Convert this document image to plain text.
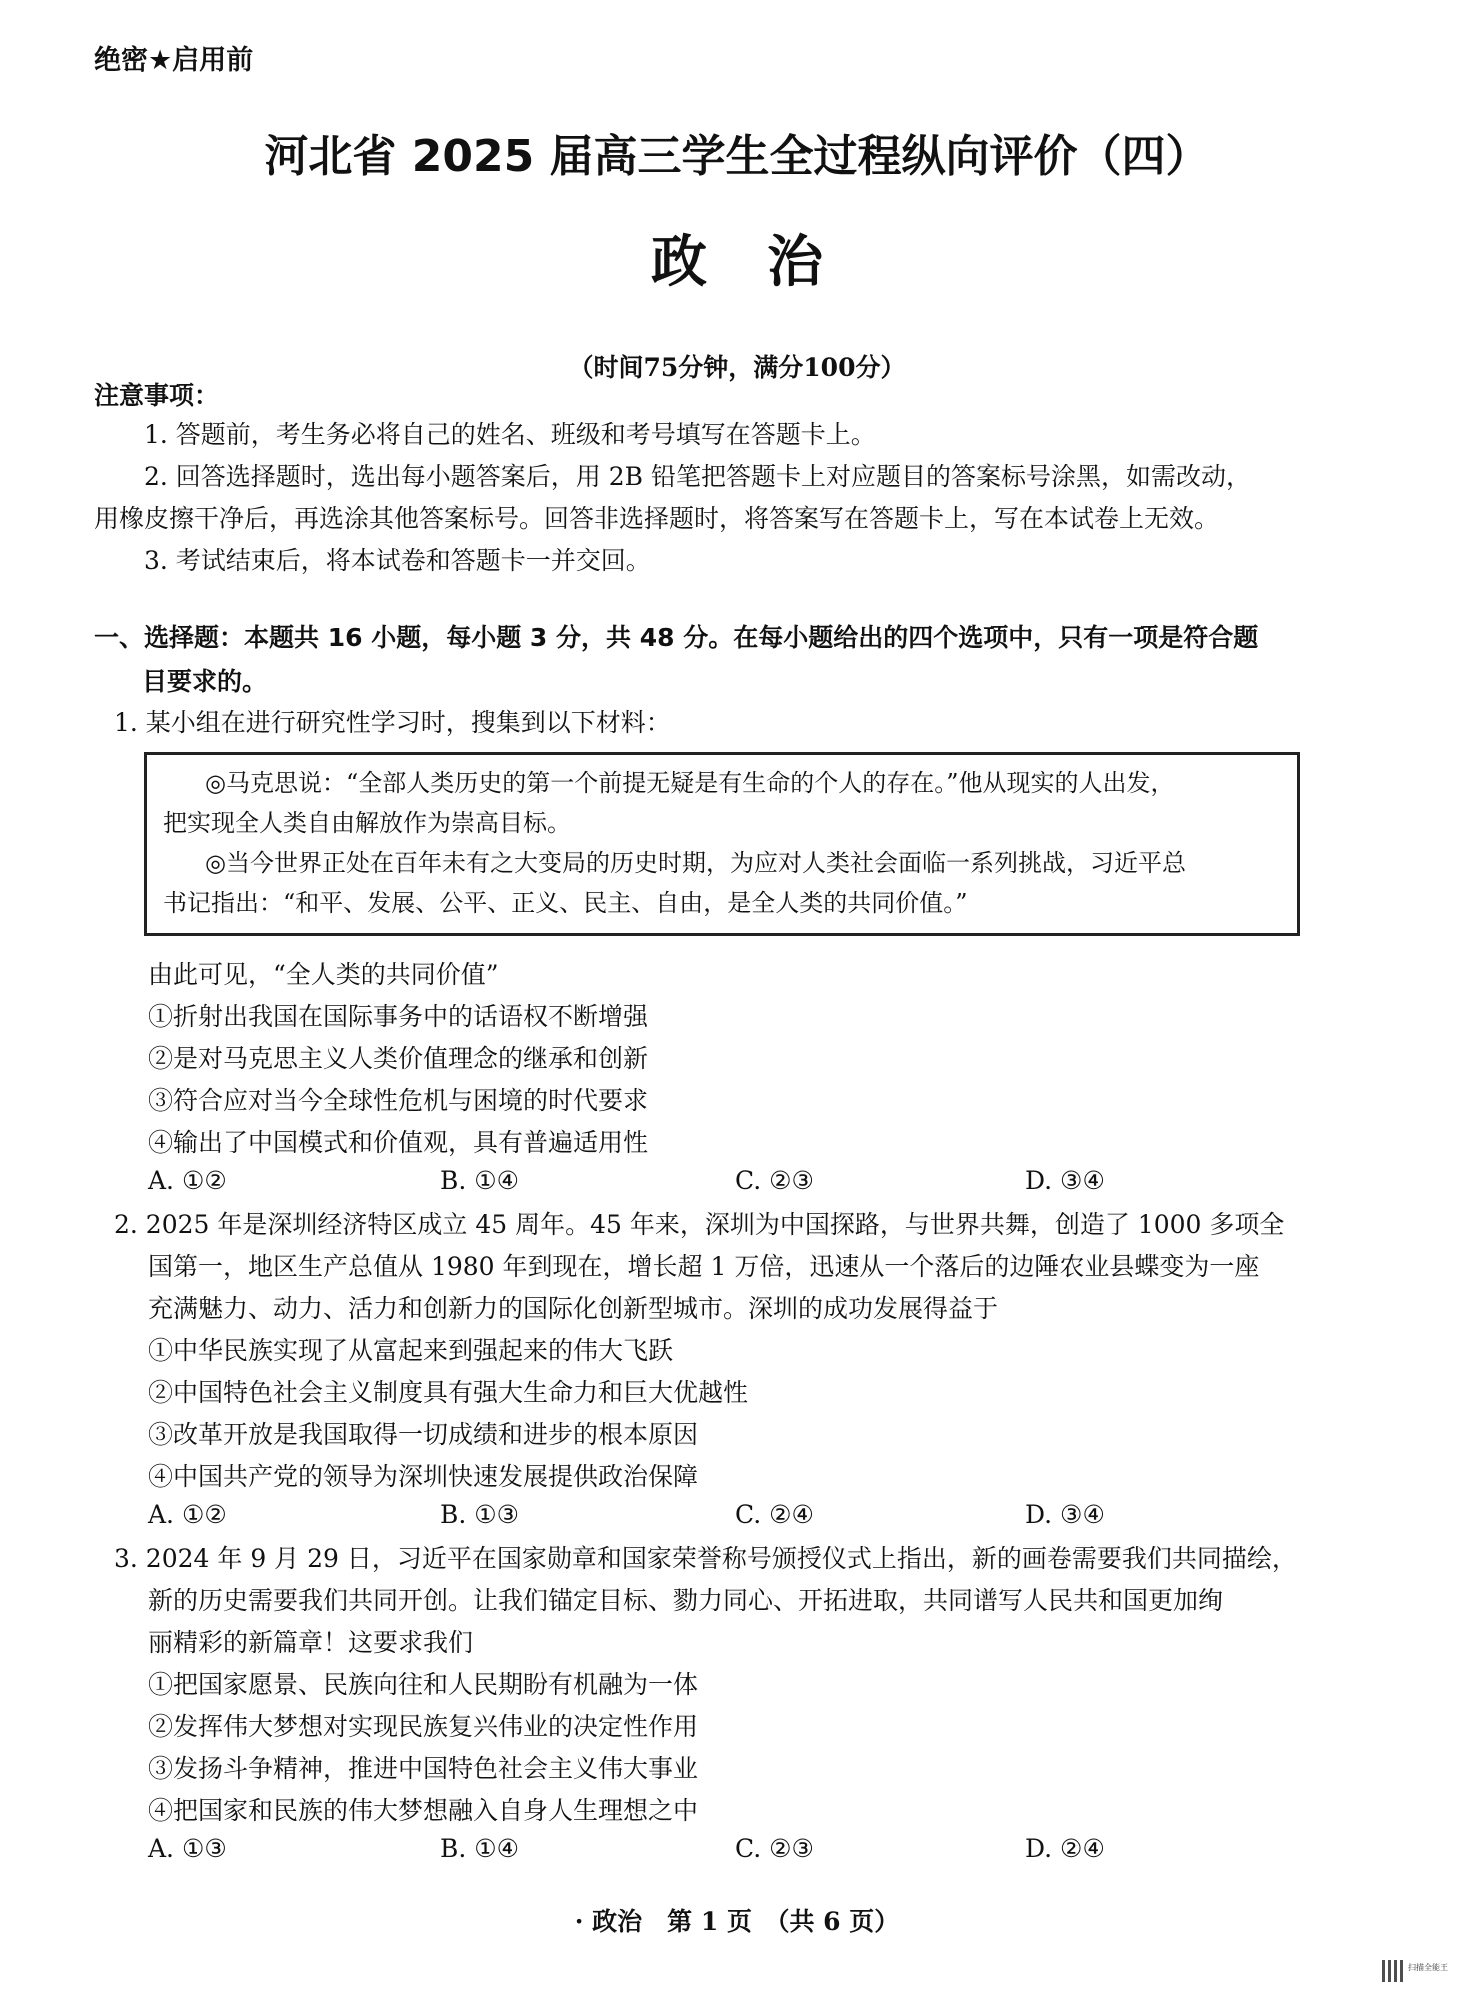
绝密★启用前
河北省 2025 届高三学生全过程纵向评价（四）
政治
（时间75分钟，满分100分）
注意事项：
1. 答题前，考生务必将自己的姓名、班级和考号填写在答题卡上。
2. 回答选择题时，选出每小题答案后，用 2B 铅笔把答题卡上对应题目的答案标号涂黑，如需改动，
用橡皮擦干净后，再选涂其他答案标号。回答非选择题时，将答案写在答题卡上，写在本试卷上无效。
3. 考试结束后，将本试卷和答题卡一并交回。
一、选择题：本题共 16 小题，每小题 3 分，共 48 分。在每小题给出的四个选项中，只有一项是符合题
目要求的。
1. 某小组在进行研究性学习时，搜集到以下材料：
◎马克思说：“全部人类历史的第一个前提无疑是有生命的个人的存在。”他从现实的人出发，
把实现全人类自由解放作为崇高目标。
◎当今世界正处在百年未有之大变局的历史时期，为应对人类社会面临一系列挑战，习近平总
书记指出：“和平、发展、公平、正义、民主、自由，是全人类的共同价值。”
由此可见，“全人类的共同价值”
①折射出我国在国际事务中的话语权不断增强
②是对马克思主义人类价值理念的继承和创新
③符合应对当今全球性危机与困境的时代要求
④输出了中国模式和价值观，具有普遍适用性
A. ①②	B. ①④	C. ②③	D. ③④
2. 2025 年是深圳经济特区成立 45 周年。45 年来，深圳为中国探路，与世界共舞，创造了 1000 多项全
国第一，地区生产总值从 1980 年到现在，增长超 1 万倍，迅速从一个落后的边陲农业县蝶变为一座
充满魅力、动力、活力和创新力的国际化创新型城市。深圳的成功发展得益于
①中华民族实现了从富起来到强起来的伟大飞跃
②中国特色社会主义制度具有强大生命力和巨大优越性
③改革开放是我国取得一切成绩和进步的根本原因
④中国共产党的领导为深圳快速发展提供政治保障
A. ①②	B. ①③	C. ②④	D. ③④
3. 2024 年 9 月 29 日，习近平在国家勋章和国家荣誉称号颁授仪式上指出，新的画卷需要我们共同描绘，
新的历史需要我们共同开创。让我们锚定目标、勠力同心、开拓进取，共同谱写人民共和国更加绚
丽精彩的新篇章！这要求我们
①把国家愿景、民族向往和人民期盼有机融为一体
②发挥伟大梦想对实现民族复兴伟业的决定性作用
③发扬斗争精神，推进中国特色社会主义伟大事业
④把国家和民族的伟大梦想融入自身人生理想之中
A. ①③	B. ①④	C. ②③	D. ②④
· 政治　第 1 页　（共 6 页）
扫描全能王
